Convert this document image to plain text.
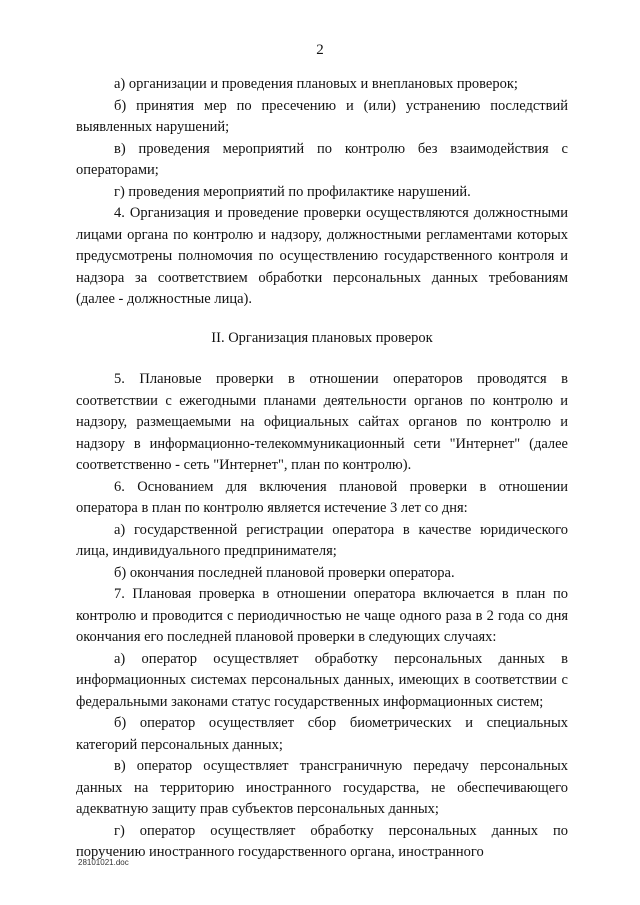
2

а) организации и проведения плановых и внеплановых проверок;

б) принятия мер по пресечению и (или) устранению последствий выявленных нарушений;

в) проведения мероприятий по контролю без взаимодействия с операторами;

г) проведения мероприятий по профилактике нарушений.

4. Организация и проведение проверки осуществляются должностными лицами органа по контролю и надзору, должностными регламентами которых предусмотрены полномочия по осуществлению государственного контроля и надзора за соответствием обработки персональных данных требованиям (далее - должностные лица).

II. Организация плановых проверок

5. Плановые проверки в отношении операторов проводятся в соответствии с ежегодными планами деятельности органов по контролю и надзору, размещаемыми на официальных сайтах органов по контролю и надзору в информационно-телекоммуникационный сети "Интернет" (далее соответственно - сеть "Интернет", план по контролю).

6. Основанием для включения плановой проверки в отношении оператора в план по контролю является истечение 3 лет со дня:

а) государственной регистрации оператора в качестве юридического лица, индивидуального предпринимателя;

б) окончания последней плановой проверки оператора.

7. Плановая проверка в отношении оператора включается в план по контролю и проводится с периодичностью не чаще одного раза в 2 года со дня окончания его последней плановой проверки в следующих случаях:

а) оператор осуществляет обработку персональных данных в информационных системах персональных данных, имеющих в соответствии с федеральными законами статус государственных информационных систем;

б) оператор осуществляет сбор биометрических и специальных категорий персональных данных;

в) оператор осуществляет трансграничную передачу персональных данных на территорию иностранного государства, не обеспечивающего адекватную защиту прав субъектов персональных данных;

г) оператор осуществляет обработку персональных данных по поручению иностранного государственного органа, иностранного

28101021.doc
